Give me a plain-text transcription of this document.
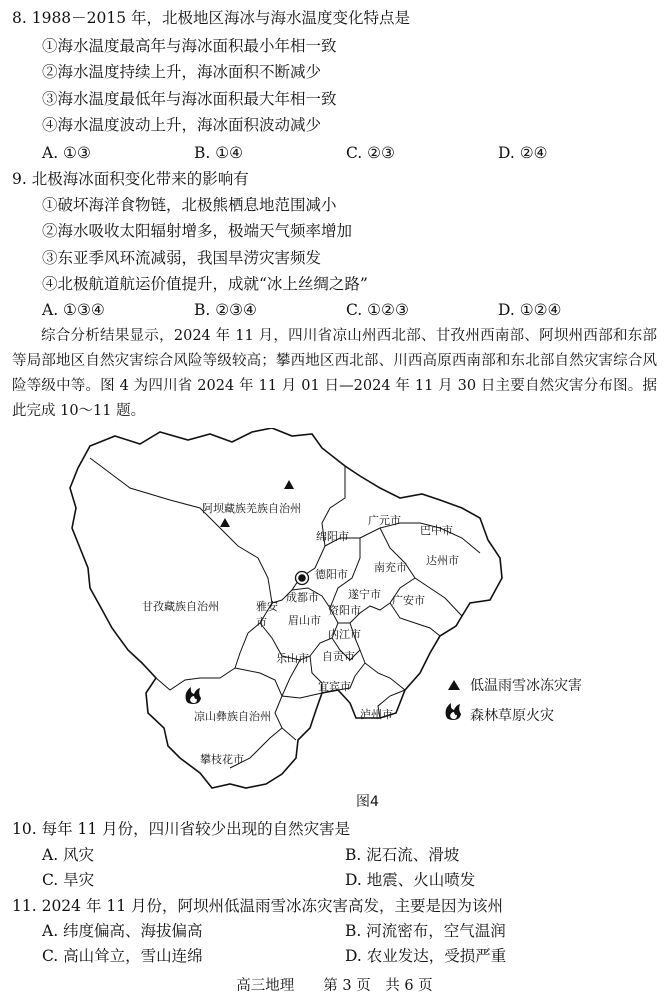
8. 1988－2015 年，北极地区海冰与海水温度变化特点是
①海水温度最高年与海冰面积最小年相一致
②海水温度持续上升，海冰面积不断减少
③海水温度最低年与海冰面积最大年相一致
④海水温度波动上升，海冰面积波动减少
A. ①③	B. ①④	C. ②③	D. ②④
9. 北极海冰面积变化带来的影响有
①破坏海洋食物链，北极熊栖息地范围减小
②海水吸收太阳辐射增多，极端天气频率增加
③东亚季风环流减弱，我国旱涝灾害频发
④北极航道航运价值提升，成就“冰上丝绸之路”
A. ①③④	B. ②③④	C. ①②③	D. ①②④
综合分析结果显示，2024 年 11 月，四川省凉山州西北部、甘孜州西南部、阿坝州西部和东部等局部地区自然灾害综合风险等级较高；攀西地区西北部、川西高原西南部和东北部自然灾害综合风险等级中等。图 4 为四川省 2024 年 11 月 01 日—2024 年 11 月 30 日主要自然灾害分布图。据此完成 10～11 题。
阿坝藏族羌族自治州
甘孜藏族自治州
凉山彝族自治州
攀枝花市
广元市
巴中市
绵阳市
达州市
德阳市
南充市
遂宁市 广安市
成都市
资阳市
雅安
市 眉山市
内江市
乐山市 自贡市
宜宾市
泸州市
低温雨雪冰冻灾害
森林草原火灾
图4
10. 每年 11 月份，四川省较少出现的自然灾害是
A. 风灾	B. 泥石流、滑坡
C. 旱灾	D. 地震、火山喷发
11. 2024 年 11 月份，阿坝州低温雨雪冰冻灾害高发，主要是因为该州
A. 纬度偏高、海拔偏高	B. 河流密布，空气温润
C. 高山耸立，雪山连绵	D. 农业发达，受损严重
高三地理　　第 3 页　共 6 页
